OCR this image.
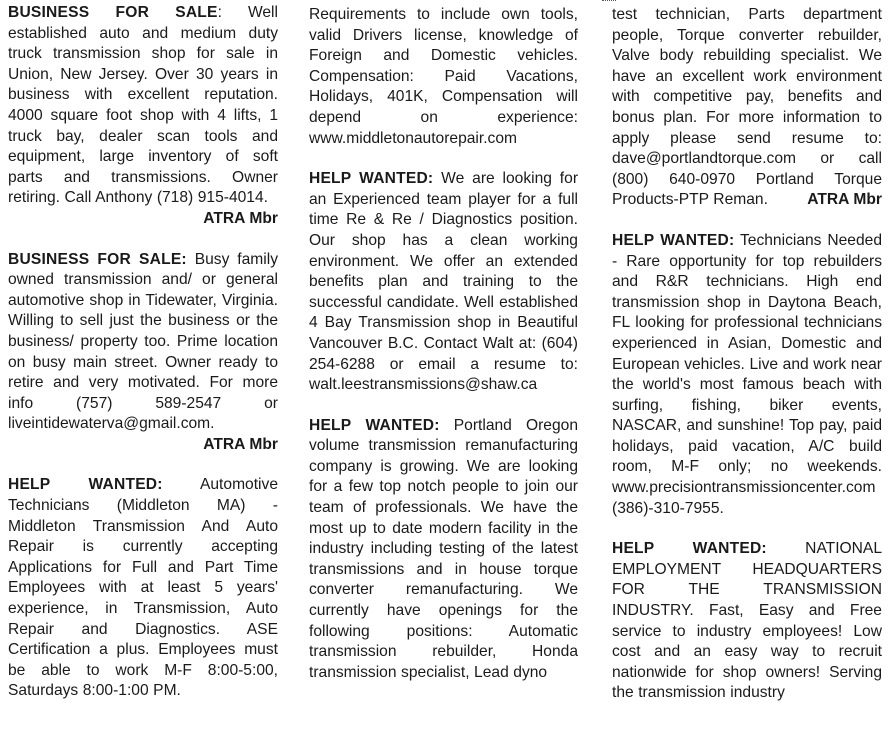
BUSINESS FOR SALE: Well established auto and medium duty truck transmission shop for sale in Union, New Jersey. Over 30 years in business with excellent reputation. 4000 square foot shop with 4 lifts, 1 truck bay, dealer scan tools and equipment, large inventory of soft parts and transmissions. Owner retiring. Call Anthony (718) 915-4014.
ATRA Mbr

BUSINESS FOR SALE: Busy family owned transmission and/ or general automotive shop in Tidewater, Virginia. Willing to sell just the business or the business/ property too. Prime location on busy main street. Owner ready to retire and very motivated. For more info (757) 589-2547 or liveintidewaterva@gmail.com.

ATRA Mbr

HELP WANTED: Automotive Technicians (Middleton MA) - Middleton Transmission And Auto Repair is currently accepting Applications for Full and Part Time Employees with at least 5 years' experience, in Transmission, Auto Repair and Diagnostics. ASE Certification a plus. Employees must be able to work M-F 8:00-5:00, Saturdays 8:00-1:00 PM.

Requirements to include own tools, valid Drivers license, knowledge of Foreign and Domestic vehicles. Compensation: Paid Vacations, Holidays, 401K, Compensation will depend on experience: www.middletonautorepair.com

HELP WANTED: We are looking for an Experienced team player for a full time Re & Re / Diagnostics position. Our shop has a clean working environment. We offer an extended benefits plan and training to the successful candidate. Well established 4 Bay Transmission shop in Beautiful Vancouver B.C. Contact Walt at: (604) 254-6288 or email a resume to: walt.leestransmissions@shaw.ca

HELP WANTED: Portland Oregon volume transmission remanufacturing company is growing. We are looking for a few top notch people to join our team of professionals. We have the most up to date modern facility in the industry including testing of the latest transmissions and in house torque converter remanufacturing. We currently have openings for the following positions: Automatic transmission rebuilder, Honda transmission specialist, Lead dyno

test technician, Parts department people, Torque converter rebuilder, Valve body rebuilding specialist. We have an excellent work environment with competitive pay, benefits and bonus plan. For more information to apply please send resume to: dave@portlandtorque.com or call (800) 640-0970 Portland Torque Products-PTP Reman.	ATRA Mbr

HELP WANTED: Technicians Needed - Rare opportunity for top rebuilders and R&R technicians. High end transmission shop in Daytona Beach, FL looking for professional technicians experienced in Asian, Domestic and European vehicles. Live and work near the world's most famous beach with surfing, fishing, biker events, NASCAR, and sunshine! Top pay, paid holidays, paid vacation, A/C build room, M-F only; no weekends. www.precisiontransmissioncenter.com (386)-310-7955.

HELP WANTED: NATIONAL EMPLOYMENT HEADQUARTERS FOR THE TRANSMISSION INDUSTRY. Fast, Easy and Free service to industry employees! Low cost and an easy way to recruit nationwide for shop owners! Serving the transmission industry
